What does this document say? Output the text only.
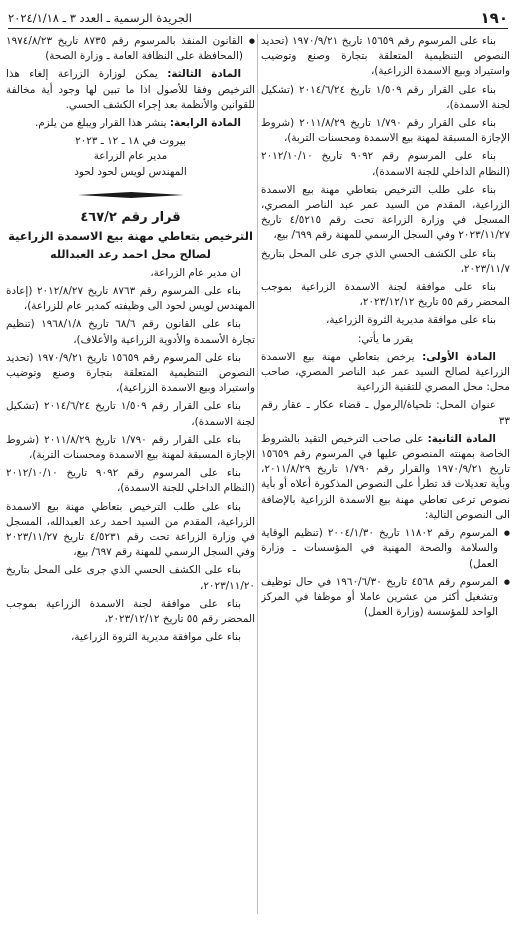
١٩٠
الجريدة الرسمية ـ العدد ٣ ـ ٢٠٢٤/١/١٨

بناء على المرسوم رقم ١٥٦٥٩ تاريخ ١٩٧٠/٩/٢١ (تحديد النصوص التنظيمية المتعلقة بتجارة وصنع وتوضيب واستيراد وبيع الاسمدة الزراعية)،

بناء على القرار رقم ١/٥٠٩ تاريخ ٢٠١٤/٦/٢٤ (تشكيل لجنة الاسمدة)،

بناء على القرار رقم ١/٧٩٠ تاريخ ٢٠١١/٨/٢٩ (شروط الإجازة المسبقة لمهنة بيع الاسمدة ومحسنات التربة)،

بناء على المرسوم رقم ٩٠٩٢ تاريخ ٢٠١٢/١٠/١٠ (النظام الداخلي للجنة الاسمدة)،

بناء على طلب الترخيص بتعاطي مهنة بيع الاسمدة الزراعية، المقدم من السيد عمر عبد الناصر المصري، المسجل في وزارة الزراعة تحت رقم ٤/٥٢١٥ تاريخ ٢٠٢٣/١١/٢٧ وفي السجل الرسمي للمهنة رقم ٦٩٩/ بيع،

بناء على الكشف الحسي الذي جرى على المحل بتاريخ ٢٠٢٣/١١/٧،

بناء على موافقة لجنة الاسمدة الزراعية بموجب المحضر رقم ٥٥ تاريخ ٢٠٢٣/١٢/١٢،

بناء على موافقة مديرية الثروة الزراعية،

يقرر ما يأتي:

المادة الأولى: يرخص بتعاطي مهنة بيع الاسمدة الزراعية لصالح السيد عمر عبد الناصر المصري، صاحب محل: محل المصري للتقنية الزراعية

عنوان المحل: تلحياة/الرمول ـ قضاء عكار ـ عقار رقم ٣٣

المادة الثانية: على صاحب الترخيص التقيد بالشروط الخاصة بمهنته المنصوص عليها في المرسوم رقم ١٥٦٥٩ تاريخ ١٩٧٠/٩/٢١ والقرار رقم ١/٧٩٠ تاريخ ٢٠١١/٨/٢٩، وبأية تعديلات قد تطرأ على النصوص المذكورة أعلاه أو بأية نصوص ترعى تعاطي مهنة بيع الاسمدة الزراعية بالإضافة الى النصوص التالية:

● المرسوم رقم ١١٨٠٢ تاريخ ٢٠٠٤/١/٣٠ (تنظيم الوقاية والسلامة والصحة المهنية في المؤسسات ـ وزارة العمل)

● المرسوم رقم ٤٥٦٨ تاريخ ١٩٦٠/٦/٣٠ في حال توظيف وتشغيل أكثر من عشرين عاملا أو موظفا في المركز الواحد للمؤسسة (وزارة العمل)

● القانون المنفذ بالمرسوم رقم ٨٧٣٥ تاريخ ١٩٧٤/٨/٢٣ (المحافظة على النظافة العامة ـ وزارة الصحة)

المادة الثالثة: يمكن لوزارة الزراعة إلغاء هذا الترخيص وفقا للأصول اذا ما تبين لها وجود أية مخالفة للقوانين والأنظمة بعد إجراء الكشف الحسي.

المادة الرابعة: ينشر هذا القرار ويبلغ من يلزم.

بيروت في ١٨ ـ ١٢ ـ ٢٠٢٣

مدير عام الزراعة

المهندس لويس لحود لحود

قرار رقم ٤٦٧/٢

الترخيص بتعاطي مهنة بيع الاسمدة الزراعية

لصالح محل احمد رعد العبدالله

ان مدير عام الزراعة،

بناء على المرسوم رقم ٨٧٦٣ تاريخ ٢٠١٢/٨/٢٧ (إعادة المهندس لويس لحود الى وظيفته كمدير عام للزراعة)،

بناء على القانون رقم ٦٨/٦ تاريخ ١٩٦٨/١/٨ (تنظيم تجارة الأسمدة والأدوية الزراعية والأعلاف)،

بناء على المرسوم رقم ١٥٦٥٩ تاريخ ١٩٧٠/٩/٢١ (تحديد النصوص التنظيمية المتعلقة بتجارة وصنع وتوضيب واستيراد وبيع الاسمدة الزراعية)،

بناء على القرار رقم ١/٥٠٩ تاريخ ٢٠١٤/٦/٢٤ (تشكيل لجنة الاسمدة)،

بناء على القرار رقم ١/٧٩٠ تاريخ ٢٠١١/٨/٢٩ (شروط الإجازة المسبقة لمهنة بيع الاسمدة ومحسنات التربة)،

بناء على المرسوم رقم ٩٠٩٢ تاريخ ٢٠١٢/١٠/١٠ (النظام الداخلي للجنة الاسمدة)،

بناء على طلب الترخيص بتعاطي مهنة بيع الاسمدة الزراعية، المقدم من السيد احمد رعد العبدالله، المسجل في وزارة الزراعة تحت رقم ٤/٥٢٣١ تاريخ ٢٠٢٣/١١/٢٧ وفي السجل الرسمي للمهنة رقم ٦٩٧/ بيع،

بناء على الكشف الحسي الذي جرى على المحل بتاريخ ٢٠٢٣/١١/٢٠،

بناء على موافقة لجنة الاسمدة الزراعية بموجب المحضر رقم ٥٥ تاريخ ٢٠٢٣/١٢/١٢،

بناء على موافقة مديرية الثروة الزراعية،
